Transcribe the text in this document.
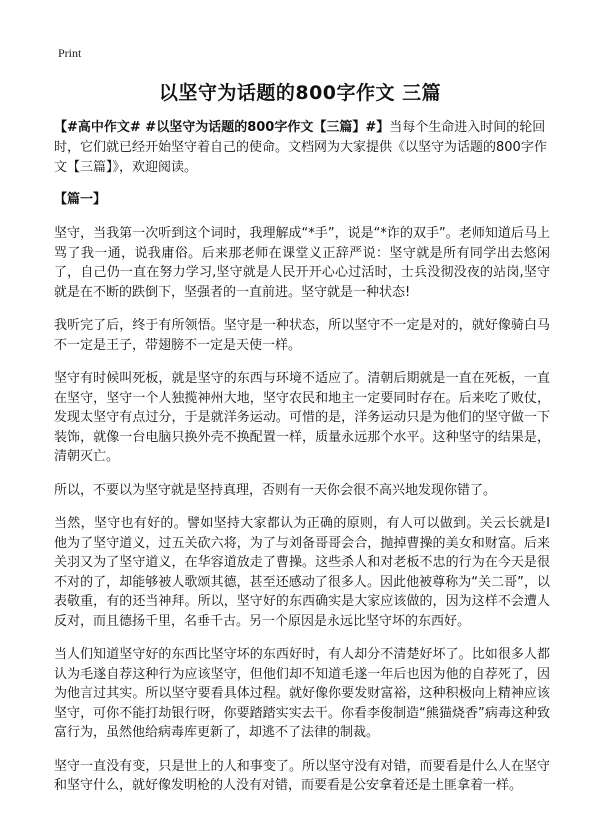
Print
以坚守为话题的800字作文 三篇

【#高中作文# #以坚守为话题的800字作文【三篇】#】当每个生命进入时间的轮回时，它们就已经开始坚守着自己的使命。文档网为大家提供《以坚守为话题的800字作文【三篇】》，欢迎阅读。

【篇一】

坚守，当我第一次听到这个词时，我理解成“*手”，说是“*诈的双手”。老师知道后马上骂了我一通，说我庸俗。后来那老师在课堂义正辞严说：坚守就是所有同学出去悠闲了，自己仍一直在努力学习,坚守就是人民开开心心过活时，士兵没彻没夜的站岗,坚守就是在不断的跌倒下，坚强者的一直前进。坚守就是一种状态!

我听完了后，终于有所领悟。坚守是一种状态，所以坚守不一定是对的，就好像骑白马不一定是王子，带翅膀不一定是天使一样。

坚守有时候叫死板，就是坚守的东西与环境不适应了。清朝后期就是一直在死板，一直在坚守，坚守一个人独揽神州大地，坚守农民和地主一定要同时存在。后来吃了败仗，发现太坚守有点过分，于是就洋务运动。可惜的是，洋务运动只是为他们的坚守做一下装饰，就像一台电脑只换外壳不换配置一样，质量永远那个水平。这种坚守的结果是，清朝灭亡。

所以，不要以为坚守就是坚持真理，否则有一天你会很不高兴地发现你错了。

当然，坚守也有好的。譬如坚持大家都认为正确的原则，有人可以做到。关云长就是I他为了坚守道义，过五关砍六将，为了与刘备哥哥会合，抛掉曹操的美女和财富。后来关羽又为了坚守道义，在华容道放走了曹操。这些杀人和对老板不忠的行为在今天是很不对的了，却能够被人歌颂其德，甚至还感动了很多人。因此他被尊称为“关二哥”，以表敬重，有的还当神拜。所以，坚守好的东西确实是大家应该做的，因为这样不会遭人反对，而且德扬千里，名垂千古。另一个原因是永远比坚守坏的东西好。

当人们知道坚守好的东西比坚守坏的东西好时，有人却分不清楚好坏了。比如很多人都认为毛遂自荐这种行为应该坚守，但他们却不知道毛遂一年后也因为他的自荐死了，因为他言过其实。所以坚守要看具体过程。就好像你要发财富裕，这种积极向上精神应该坚守，可你不能打劫银行呀，你要踏踏实实去干。你看李俊制造“熊猫烧香”病毒这种致富行为，虽然他给病毒库更新了，却逃不了法律的制裁。

坚守一直没有变，只是世上的人和事变了。所以坚守没有对错，而要看是什么人在坚守和坚守什么，就好像发明枪的人没有对错，而要看是公安拿着还是土匪拿着一样。
